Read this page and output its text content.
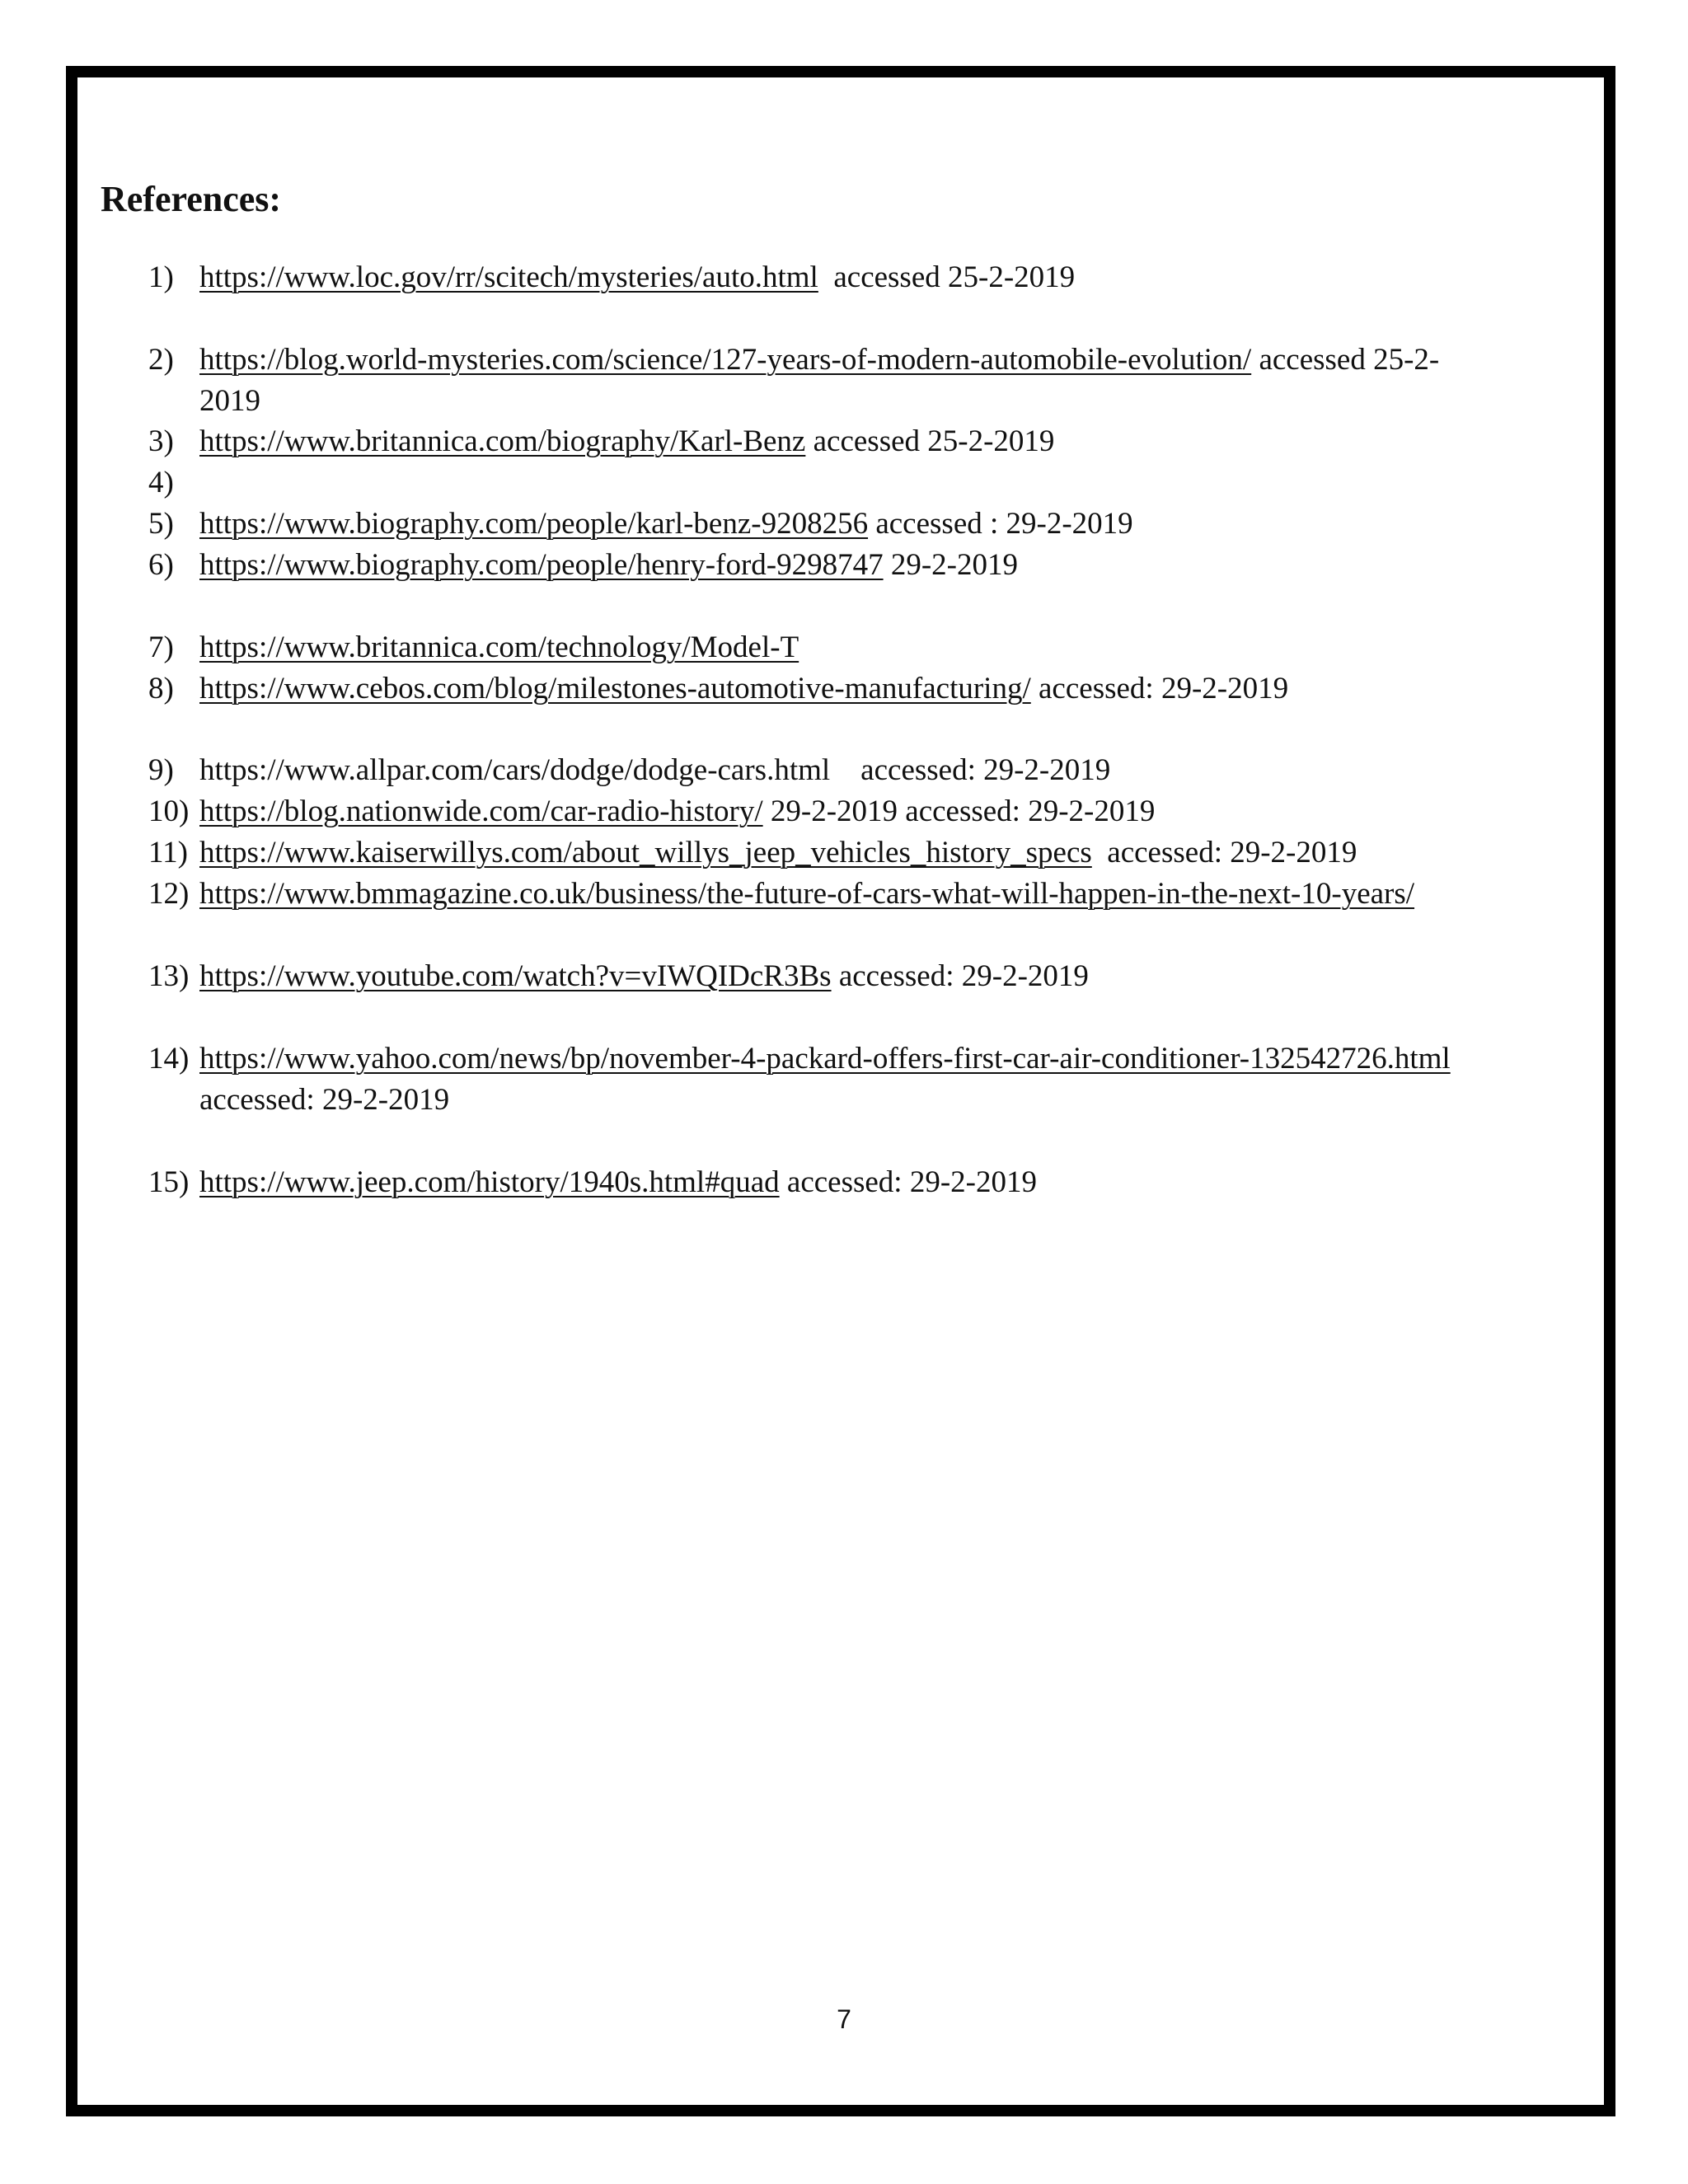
References:
1) https://www.loc.gov/rr/scitech/mysteries/auto.html accessed 25-2-2019
2) https://blog.world-mysteries.com/science/127-years-of-modern-automobile-evolution/ accessed 25-2-
2019
3) https://www.britannica.com/biography/Karl-Benz accessed 25-2-2019
4)
5) https://www.biography.com/people/karl-benz-9208256 accessed : 29-2-2019
6) https://www.biography.com/people/henry-ford-9298747 29-2-2019
7) https://www.britannica.com/technology/Model-T
8) https://www.cebos.com/blog/milestones-automotive-manufacturing/ accessed: 29-2-2019
9) https://www.allpar.com/cars/dodge/dodge-cars.html accessed: 29-2-2019
10) https://blog.nationwide.com/car-radio-history/ 29-2-2019 accessed: 29-2-2019
11) https://www.kaiserwillys.com/about_willys_jeep_vehicles_history_specs accessed: 29-2-2019
12) https://www.bmmagazine.co.uk/business/the-future-of-cars-what-will-happen-in-the-next-10-years/
13) https://www.youtube.com/watch?v=vIWQIDcR3Bs accessed: 29-2-2019
14) https://www.yahoo.com/news/bp/november-4-packard-offers-first-car-air-conditioner-132542726.html
accessed: 29-2-2019
15) https://www.jeep.com/history/1940s.html#quad accessed: 29-2-2019
7
